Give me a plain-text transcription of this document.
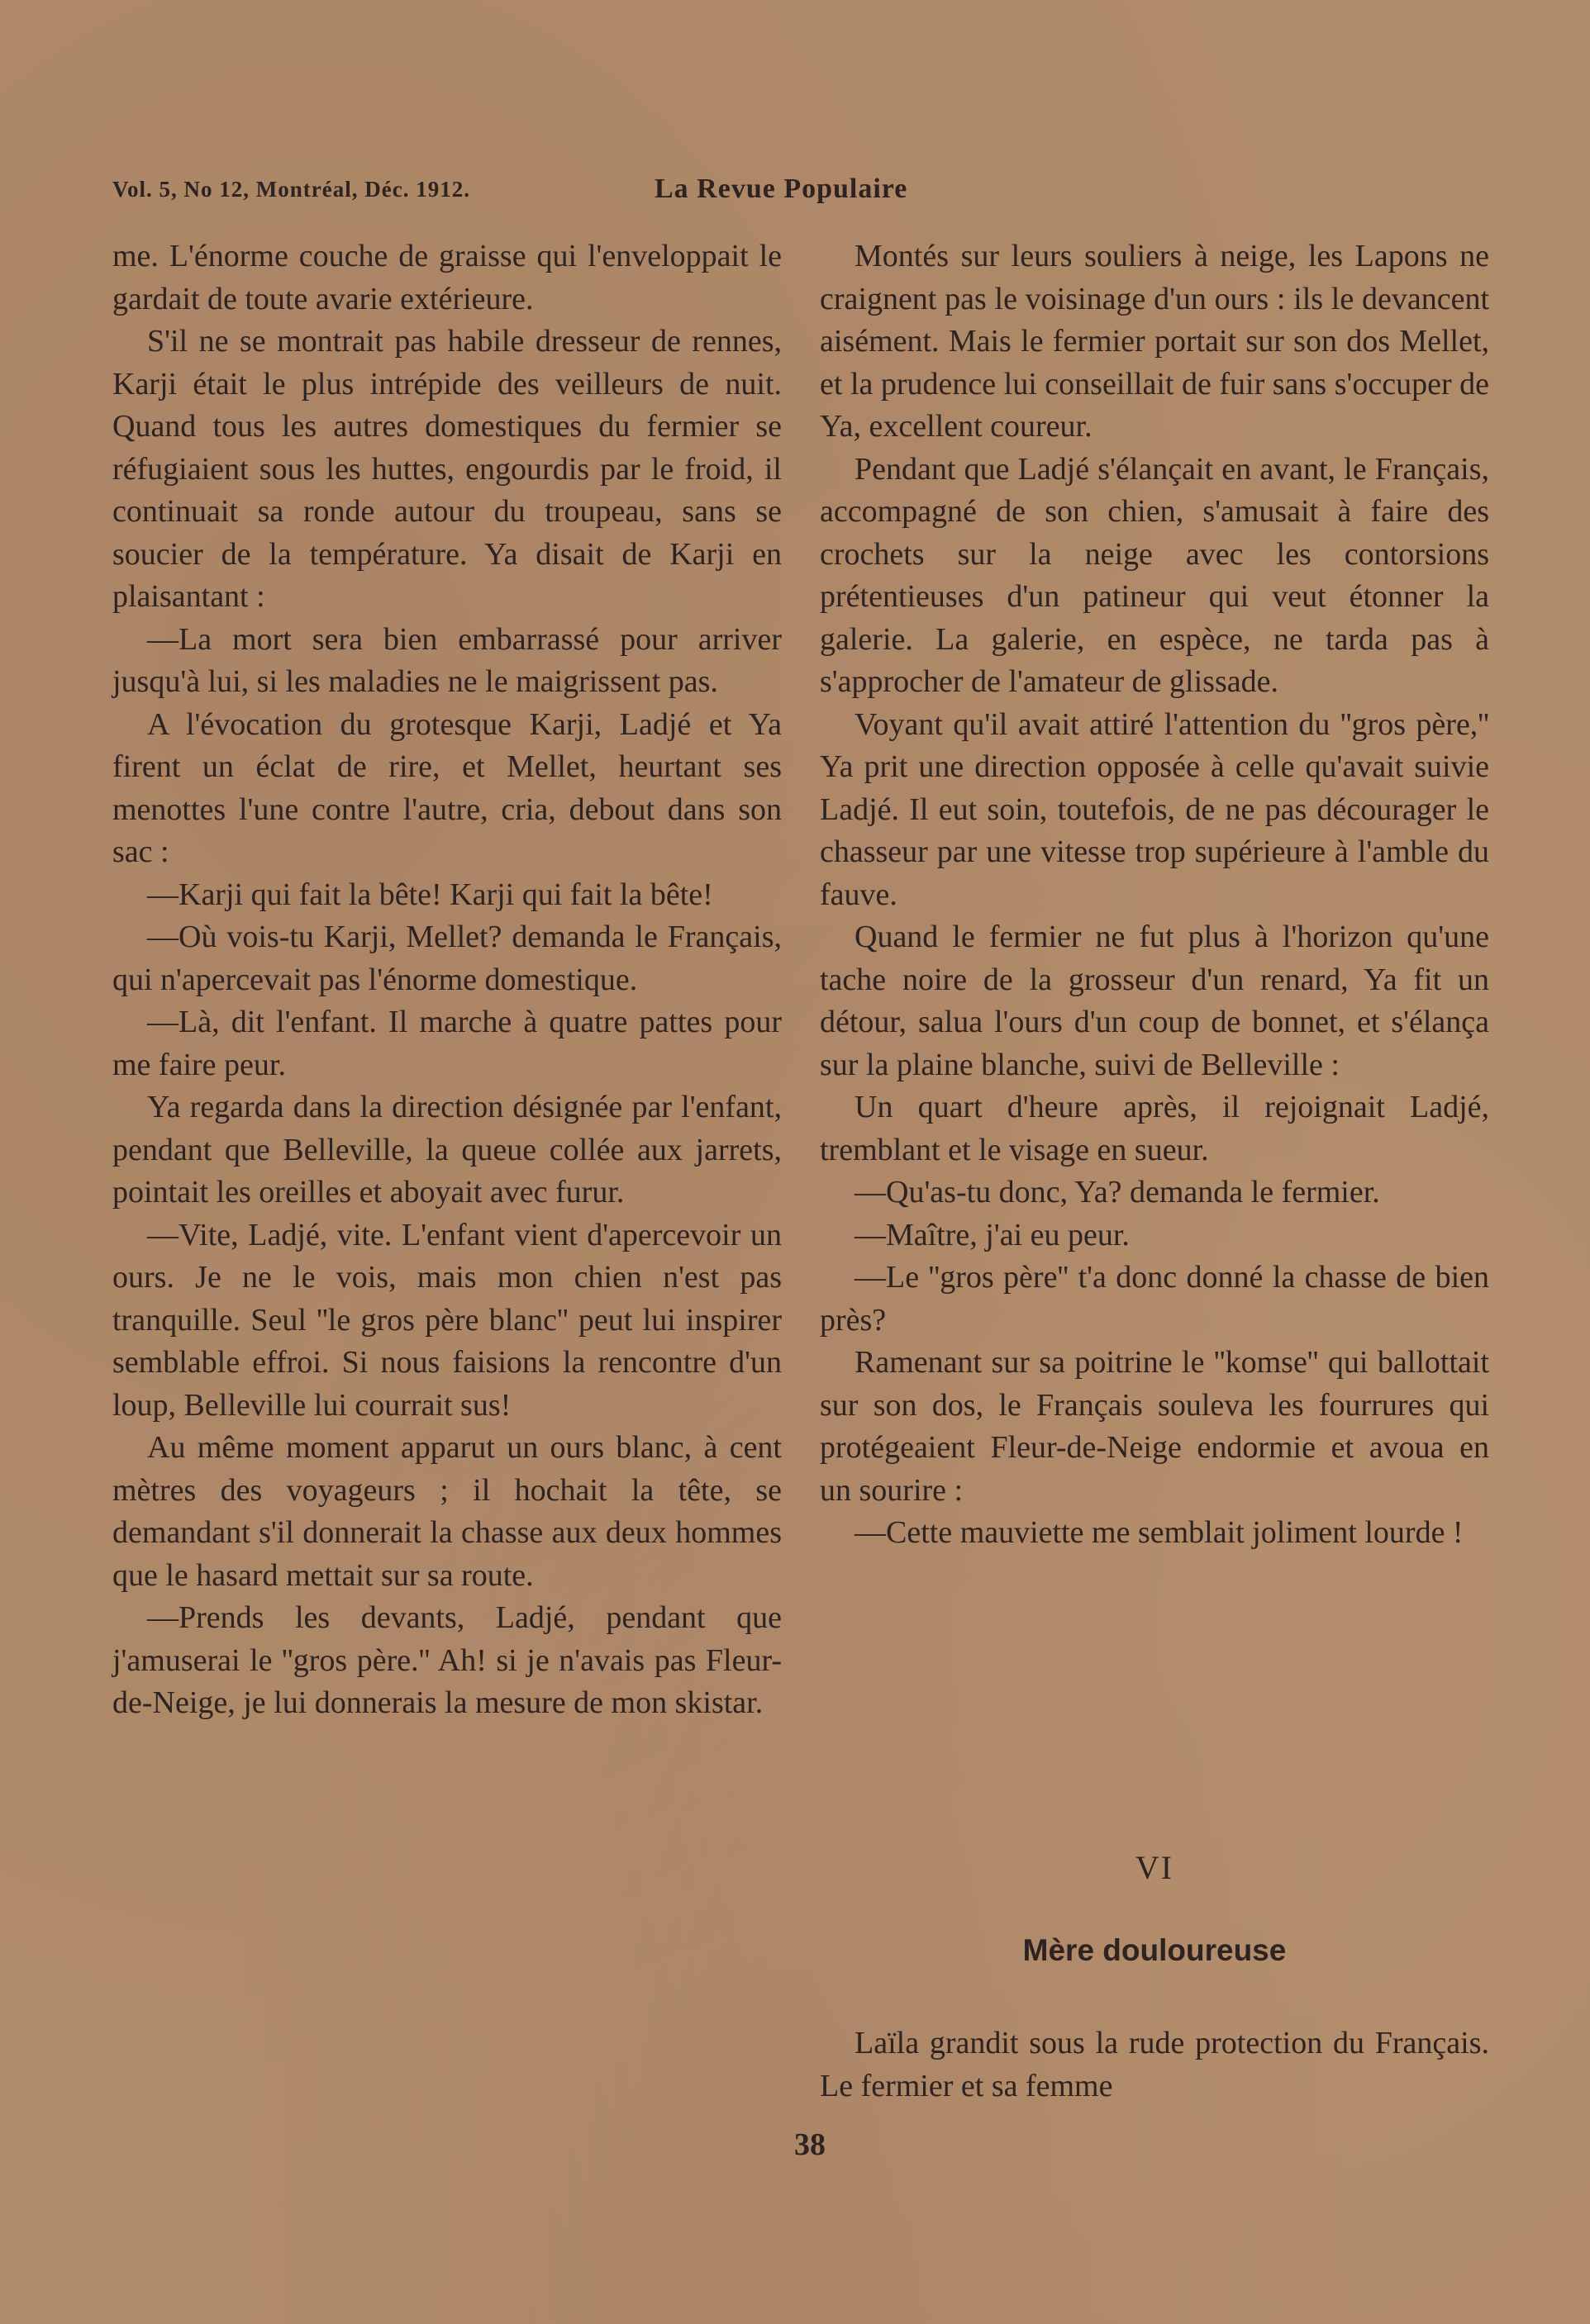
Vol. 5, No 12, Montréal, Déc. 1912.	La Revue Populaire

me. L'énorme couche de graisse qui l'enveloppait le gardait de toute avarie extérieure.

S'il ne se montrait pas habile dresseur de rennes, Karji était le plus intrépide des veilleurs de nuit. Quand tous les autres domestiques du fermier se réfugiaient sous les huttes, engourdis par le froid, il continuait sa ronde autour du troupeau, sans se soucier de la température. Ya disait de Karji en plaisantant :

—La mort sera bien embarrassé pour arriver jusqu'à lui, si les maladies ne le maigrissent pas.

A l'évocation du grotesque Karji, Ladjé et Ya firent un éclat de rire, et Mellet, heurtant ses menottes l'une contre l'autre, cria, debout dans son sac :

—Karji qui fait la bête! Karji qui fait la bête!

—Où vois-tu Karji, Mellet? demanda le Français, qui n'apercevait pas l'énorme domestique.

—Là, dit l'enfant. Il marche à quatre pattes pour me faire peur.

Ya regarda dans la direction désignée par l'enfant, pendant que Belleville, la queue collée aux jarrets, pointait les oreilles et aboyait avec furur.

—Vite, Ladjé, vite. L'enfant vient d'apercevoir un ours. Je ne le vois, mais mon chien n'est pas tranquille. Seul ''le gros père blanc'' peut lui inspirer semblable effroi. Si nous faisions la rencontre d'un loup, Belleville lui courrait sus!

Au même moment apparut un ours blanc, à cent mètres des voyageurs ; il hochait la tête, se demandant s'il donnerait la chasse aux deux hommes que le hasard mettait sur sa route.

—Prends les devants, Ladjé, pendant que j'amuserai le ''gros père.'' Ah! si je n'avais pas Fleur-de-Neige, je lui donnerais la mesure de mon skistar.

Montés sur leurs souliers à neige, les Lapons ne craignent pas le voisinage d'un ours : ils le devancent aisément. Mais le fermier portait sur son dos Mellet, et la prudence lui conseillait de fuir sans s'occuper de Ya, excellent coureur.

Pendant que Ladjé s'élançait en avant, le Français, accompagné de son chien, s'amusait à faire des crochets sur la neige avec les contorsions prétentieuses d'un patineur qui veut étonner la galerie. La galerie, en espèce, ne tarda pas à s'approcher de l'amateur de glissade.

Voyant qu'il avait attiré l'attention du ''gros père,'' Ya prit une direction opposée à celle qu'avait suivie Ladjé. Il eut soin, toutefois, de ne pas décourager le chasseur par une vitesse trop supérieure à l'amble du fauve.

Quand le fermier ne fut plus à l'horizon qu'une tache noire de la grosseur d'un renard, Ya fit un détour, salua l'ours d'un coup de bonnet, et s'élança sur la plaine blanche, suivi de Belleville :

Un quart d'heure après, il rejoignait Ladjé, tremblant et le visage en sueur.

—Qu'as-tu donc, Ya? demanda le fermier.

—Maître, j'ai eu peur.

—Le ''gros père'' t'a donc donné la chasse de bien près?

Ramenant sur sa poitrine le ''komse'' qui ballottait sur son dos, le Français souleva les fourrures qui protégeaient Fleur-de-Neige endormie et avoua en un sourire :

—Cette mauviette me semblait joliment lourde !

VI
Mère douloureuse

Laïla grandit sous la rude protection du Français. Le fermier et sa femme

38
